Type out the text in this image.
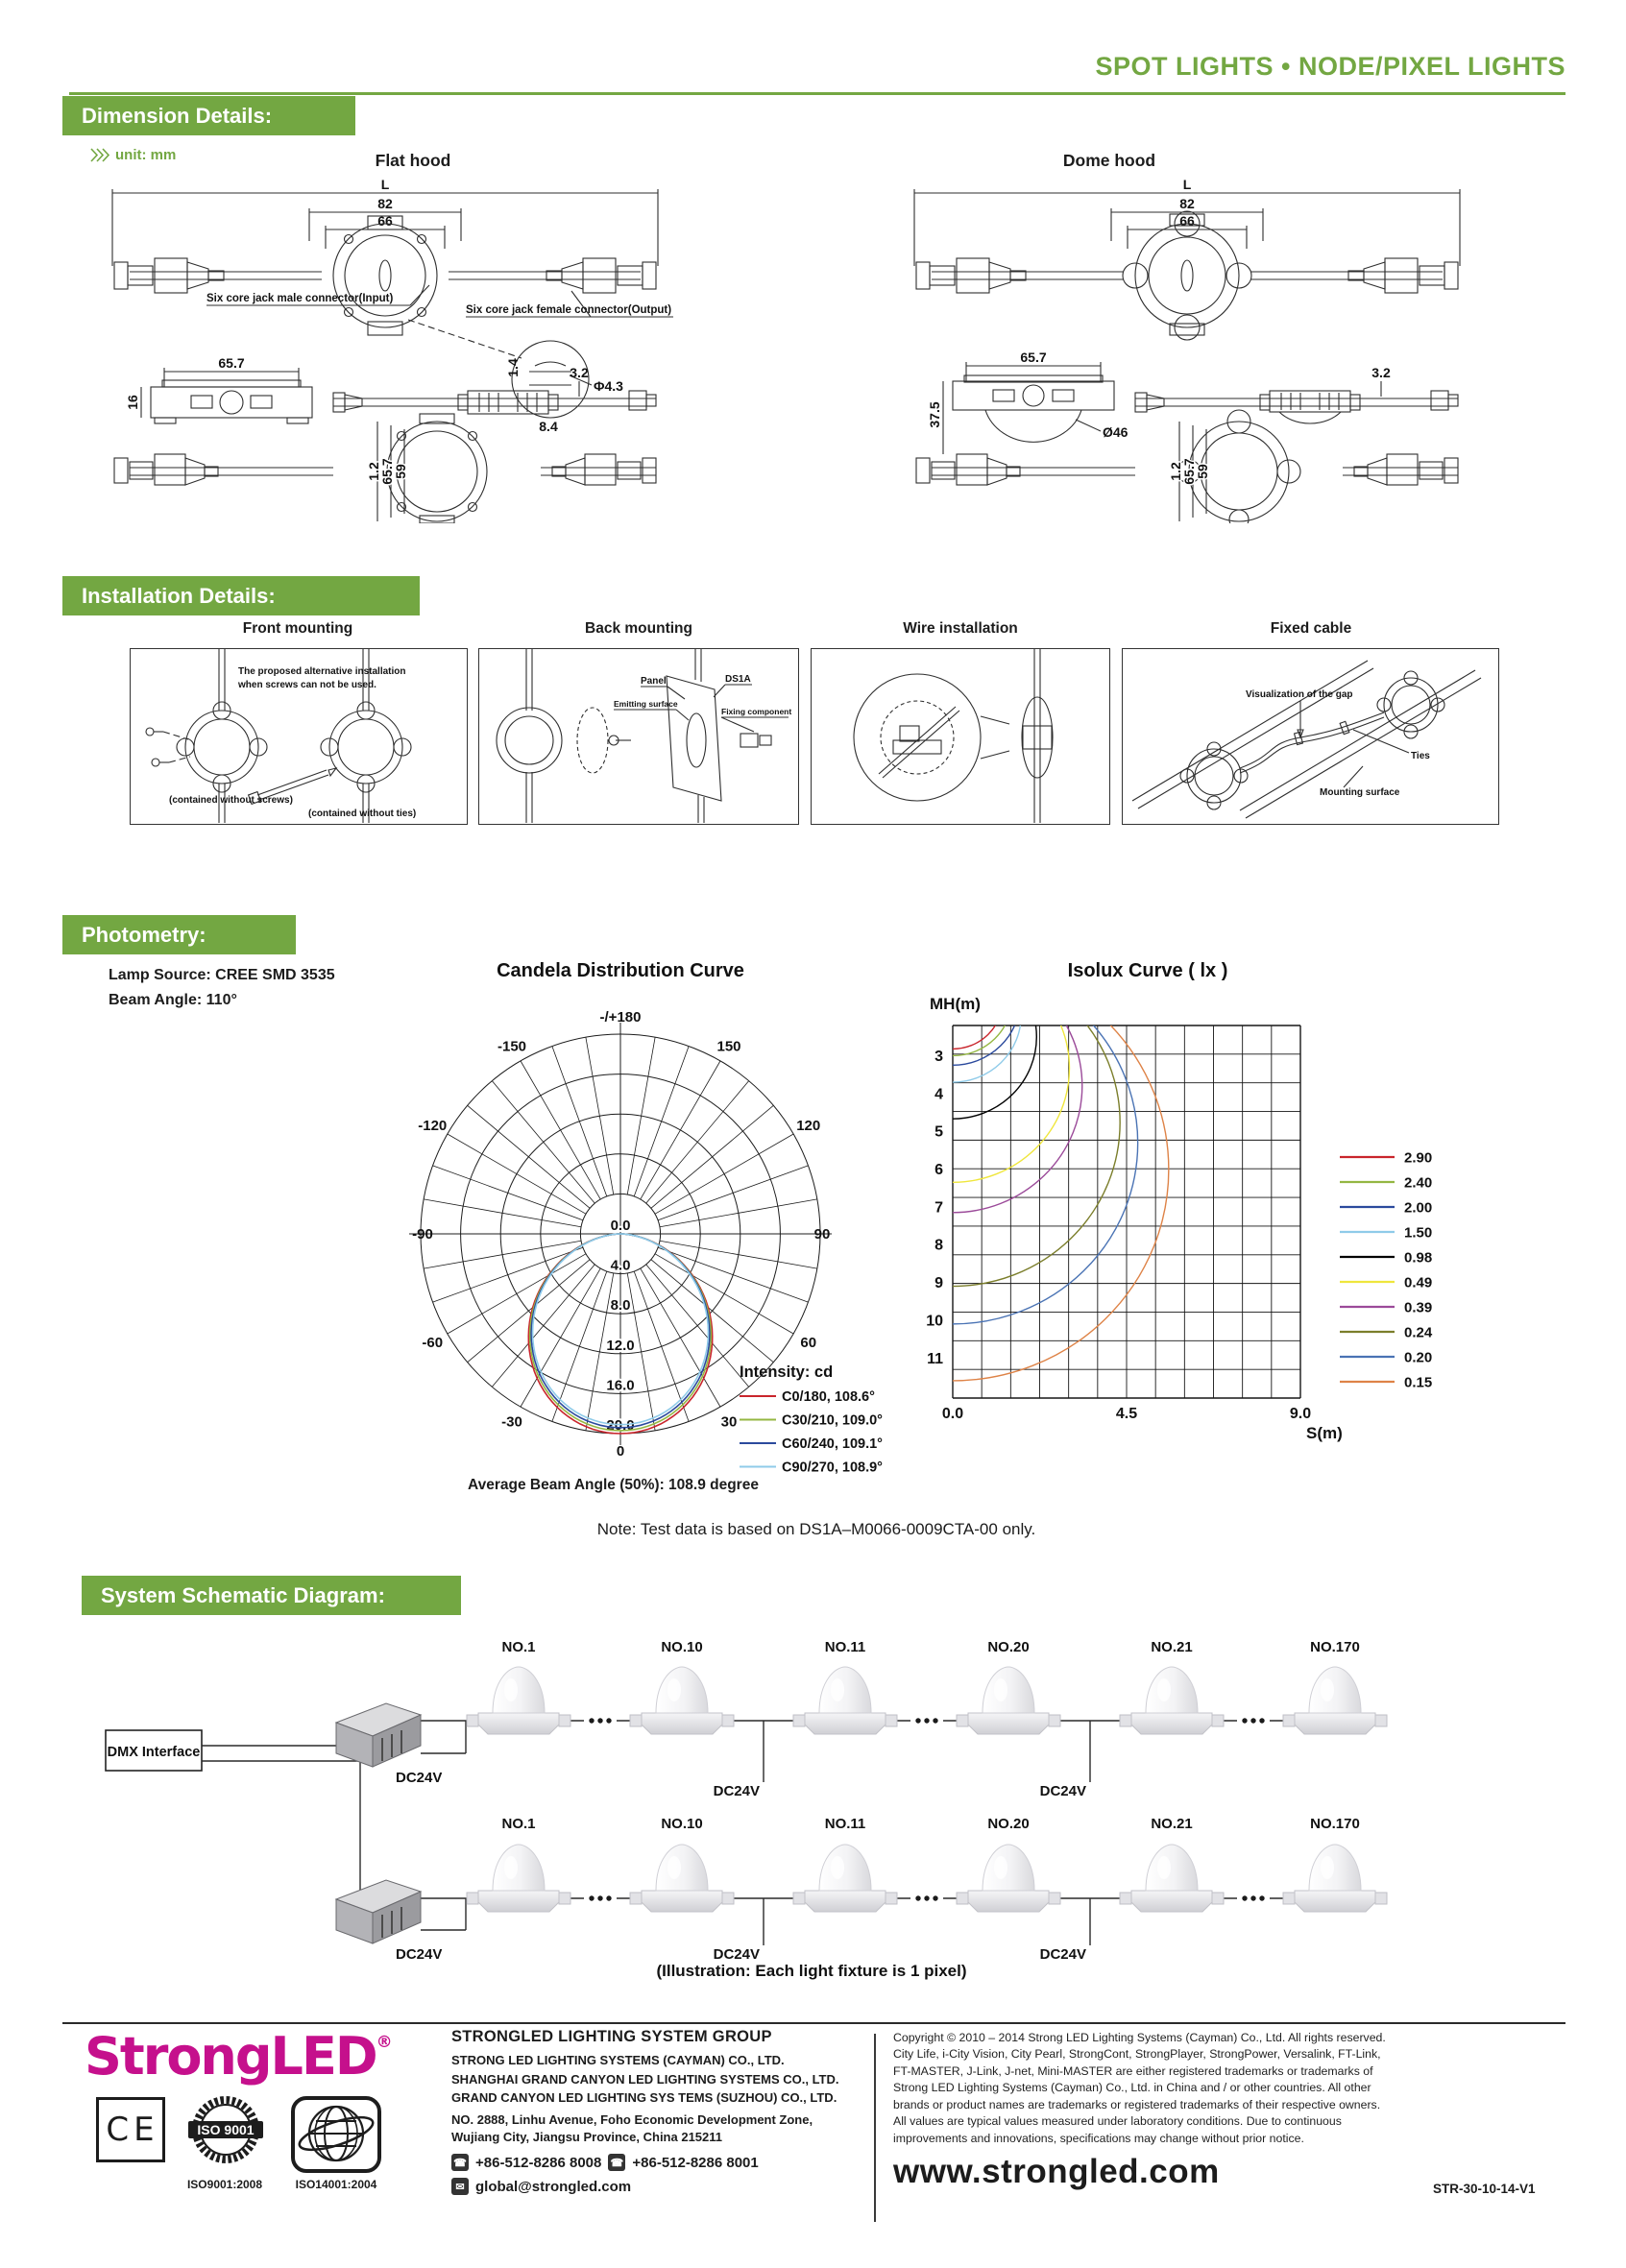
SPOT LIGHTS • NODE/PIXEL LIGHTS
Dimension Details:
unit: mm	Flat hood	Dome hood
L
82
66
Six core jack male connector(Input)
Six core jack female connector(Output)
1.4
8.4
Φ4.3
65.7
16
3.2
1.2
65.7
59
L
82
66
65.7
37.5
Ø46
3.2
1.2
65.7
59
Installation Details:
Front mounting	Back mounting	Wire installation	Fixed cable
The proposed alternative installation
when screws can not be used.
(contained without screws)
(contained without ties)
Panel
Emitting surface
DS1A
Fixing component
Visualization of the gap
Ties
Mounting surface
Photometry:
Lamp Source: CREE SMD 3535
Beam Angle: 110°
Candela Distribution Curve
Intensity: cd
-/+180
-150	150
-120	120
-90	90
-60	60
-30	30
0
0.0
4.0
8.0
12.0
16.0
20.0
C0/180, 108.6°
C30/210, 109.0°
C60/240, 109.1°
C90/270, 108.9°
Isolux Curve ( lx )
MH(m)
S(m)
3
4
5
6
7
8
9
10
11
0.0	4.5	9.0
2.90
2.40
2.00
1.50
0.98
0.49
0.39
0.24
0.20
0.15
Average Beam Angle (50%): 108.9 degree
Note: Test data is based on DS1A–M0066-0009CTA-00 only.
System Schematic Diagram:
DMX Interface
(Illustration: Each light fixture is 1 pixel)
NO.1	NO.10	NO.11	NO.20	NO.21	NO.170
DC24V
DC24V	DC24V
NO.1	NO.10	NO.11	NO.20	NO.21	NO.170
DC24V	DC24V	DC24V
StrongLED®
CE	ISO 9001
ISO9001:2008	ISO14001:2004
STRONGLED LIGHTING SYSTEM GROUP
STRONG LED LIGHTING SYSTEMS (CAYMAN) CO., LTD.
SHANGHAI GRAND CANYON LED LIGHTING SYSTEMS CO., LTD.
GRAND CANYON LED LIGHTING SYS TEMS (SUZHOU) CO., LTD.
NO. 2888, Linhu Avenue, Foho Economic Development Zone,
Wujiang City, Jiangsu Province, China 215211
☎ +86-512-8286 8008 ☎ +86-512-8286 8001
✉ global@strongled.com
Copyright © 2010 – 2014 Strong LED Lighting Systems (Cayman) Co., Ltd. All rights reserved.
City Life, i-City Vision, City Pearl, StrongCont, StrongPlayer, StrongPower, Versalink, FT-Link,
FT-MASTER, J-Link, J-net, Mini-MASTER are either registered trademarks or trademarks of
Strong LED Lighting Systems (Cayman) Co., Ltd. in China and / or other countries. All other
brands or product names are trademarks or registered trademarks of their respective owners.
All values are typical values measured under laboratory conditions. Due to continuous
improvements and innovations, specifications may change without prior notice.
www.strongled.com	STR-30-10-14-V1
